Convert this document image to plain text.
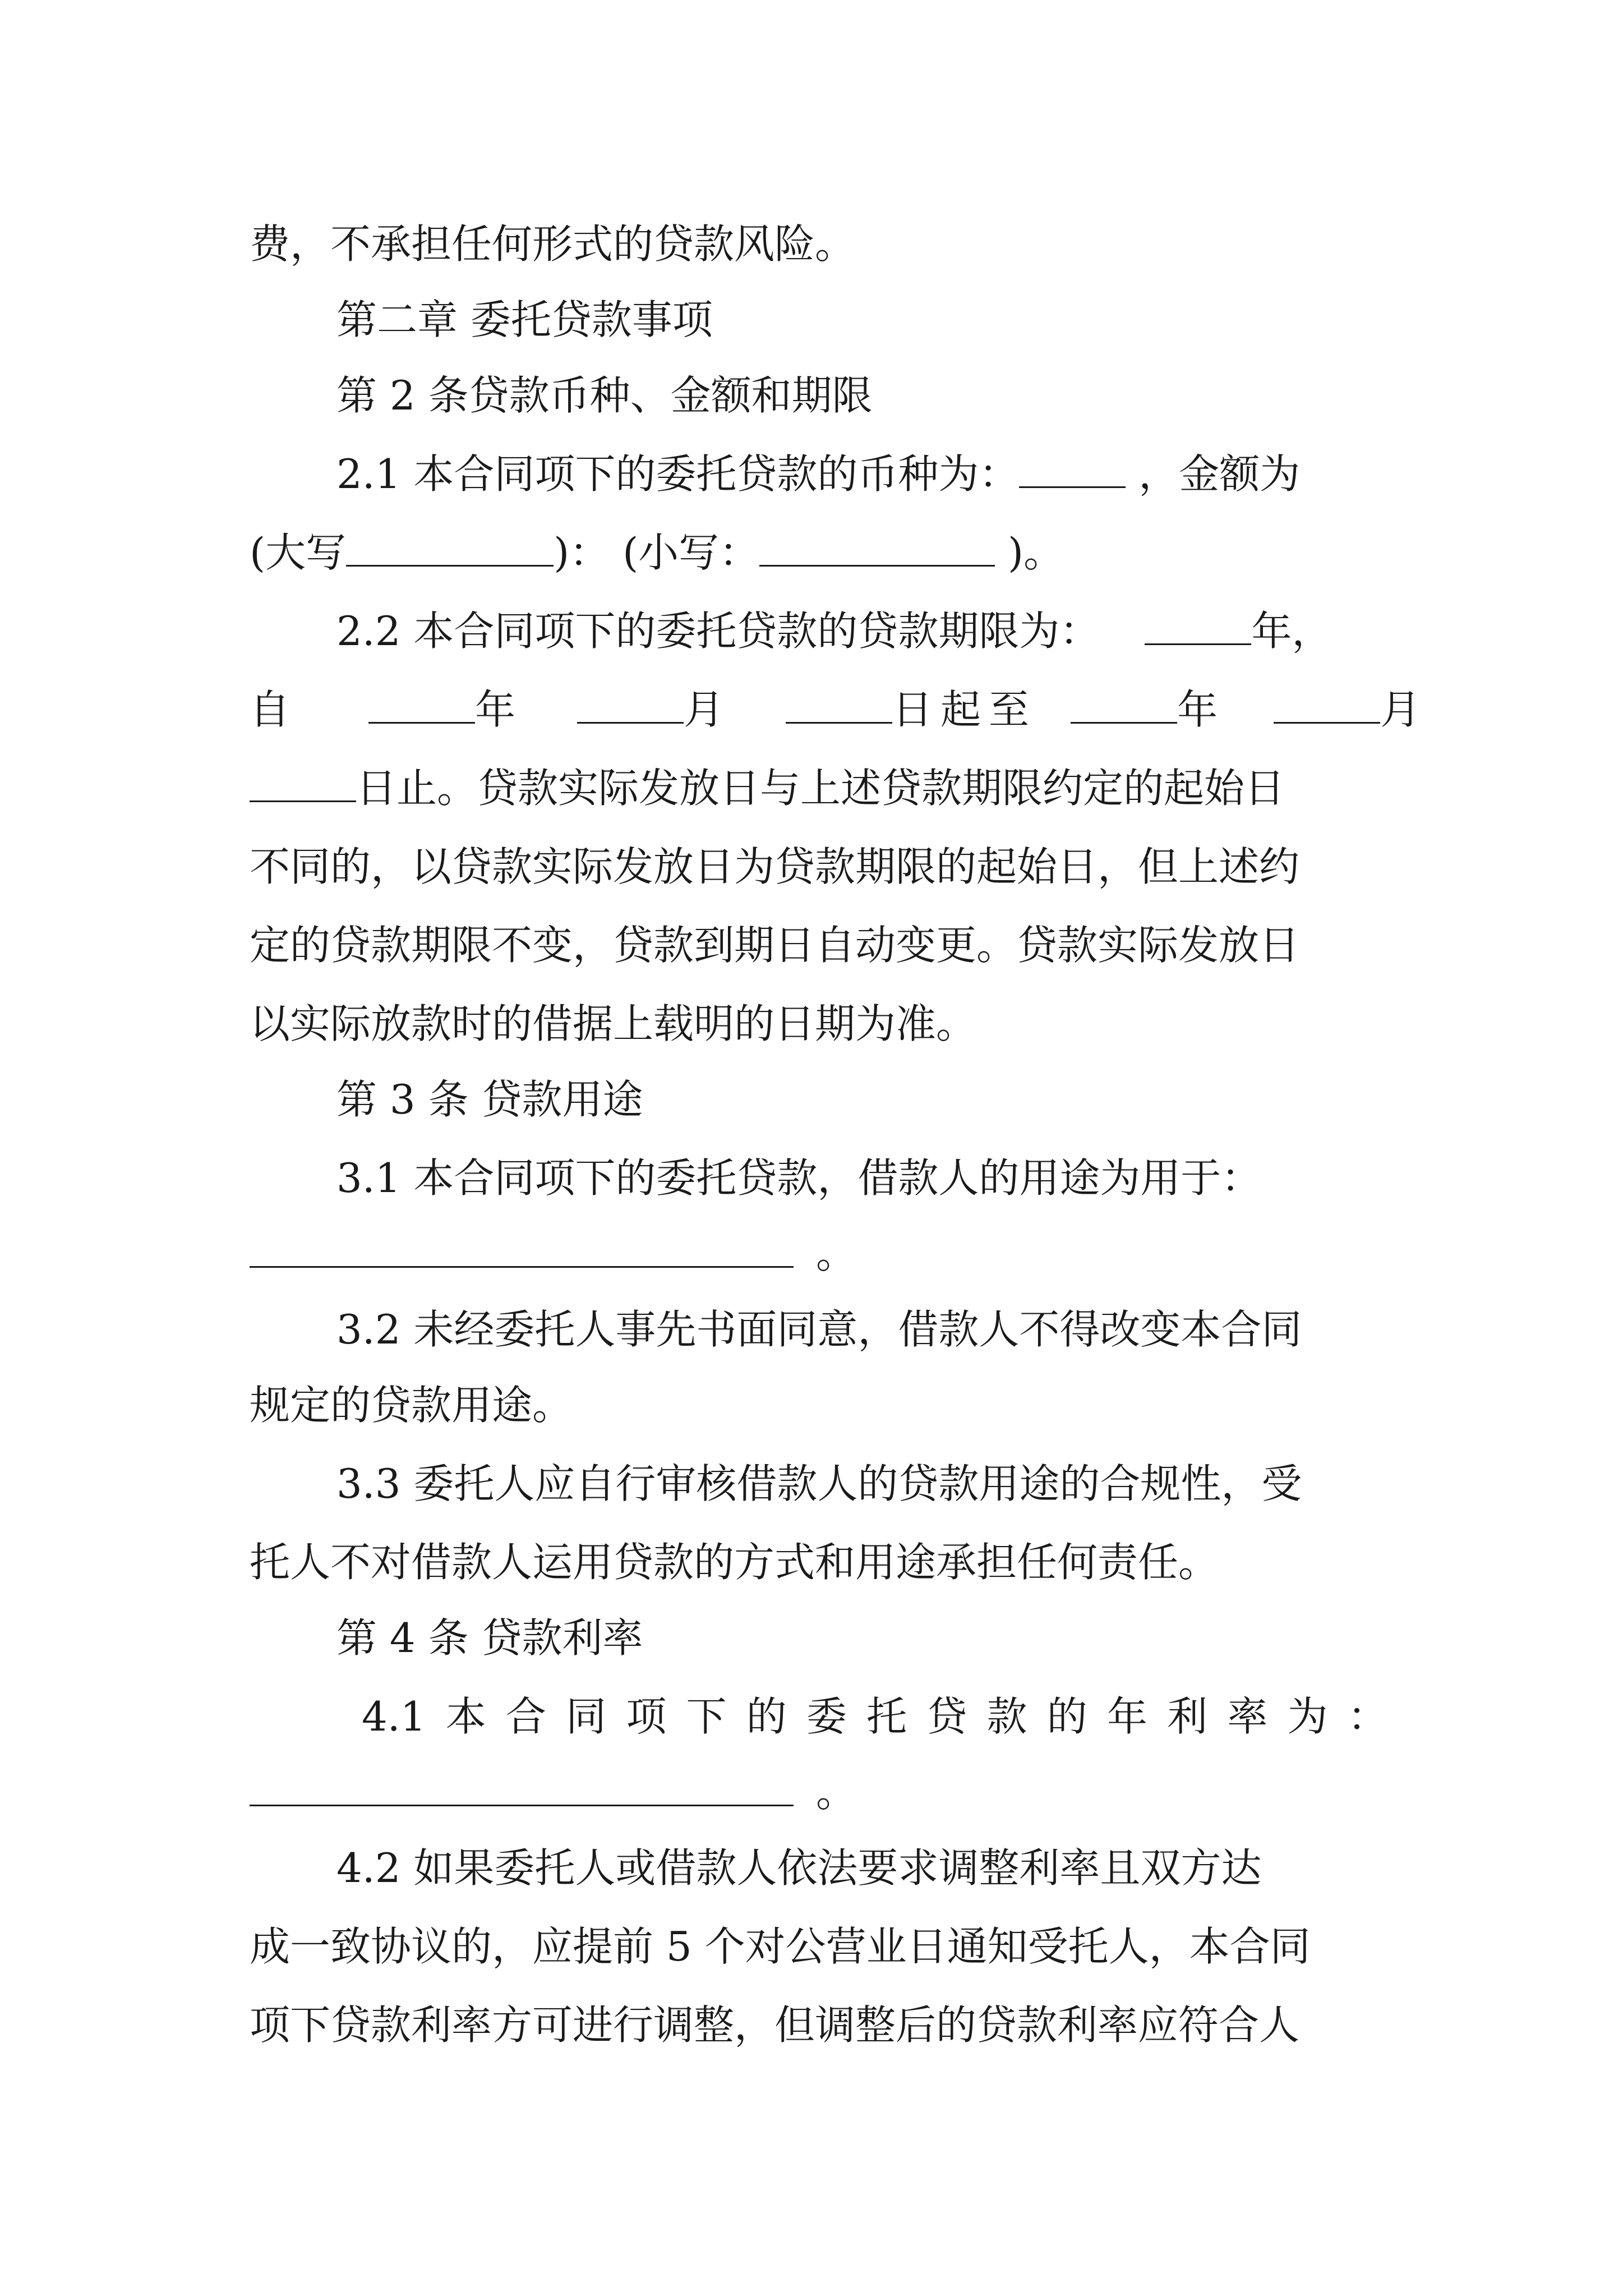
费，不承担任何形式的贷款风险。
第二章 委托贷款事项
第 2 条贷款币种、金额和期限
2.1 本合同项下的委托贷款的币种为：	，金额为
(大写	)： (小写：	)。
2.2 本合同项下的委托贷款的贷款期限为：	年，
自	年	月	日起至	年	月
日止。贷款实际发放日与上述贷款期限约定的起始日
不同的，以贷款实际发放日为贷款期限的起始日，但上述约
定的贷款期限不变，贷款到期日自动变更。贷款实际发放日
以实际放款时的借据上载明的日期为准。
第 3 条 贷款用途
3.1 本合同项下的委托贷款，借款人的用途为用于：
。
3.2 未经委托人事先书面同意，借款人不得改变本合同
规定的贷款用途。
3.3 委托人应自行审核借款人的贷款用途的合规性，受
托人不对借款人运用贷款的方式和用途承担任何责任。
第 4 条 贷款利率
4.1 本 合 同 项 下 的 委 托 贷 款 的 年 利 率 为 ：
。
4.2 如果委托人或借款人依法要求调整利率且双方达
成一致协议的，应提前 5 个对公营业日通知受托人，本合同
项下贷款利率方可进行调整，但调整后的贷款利率应符合人
